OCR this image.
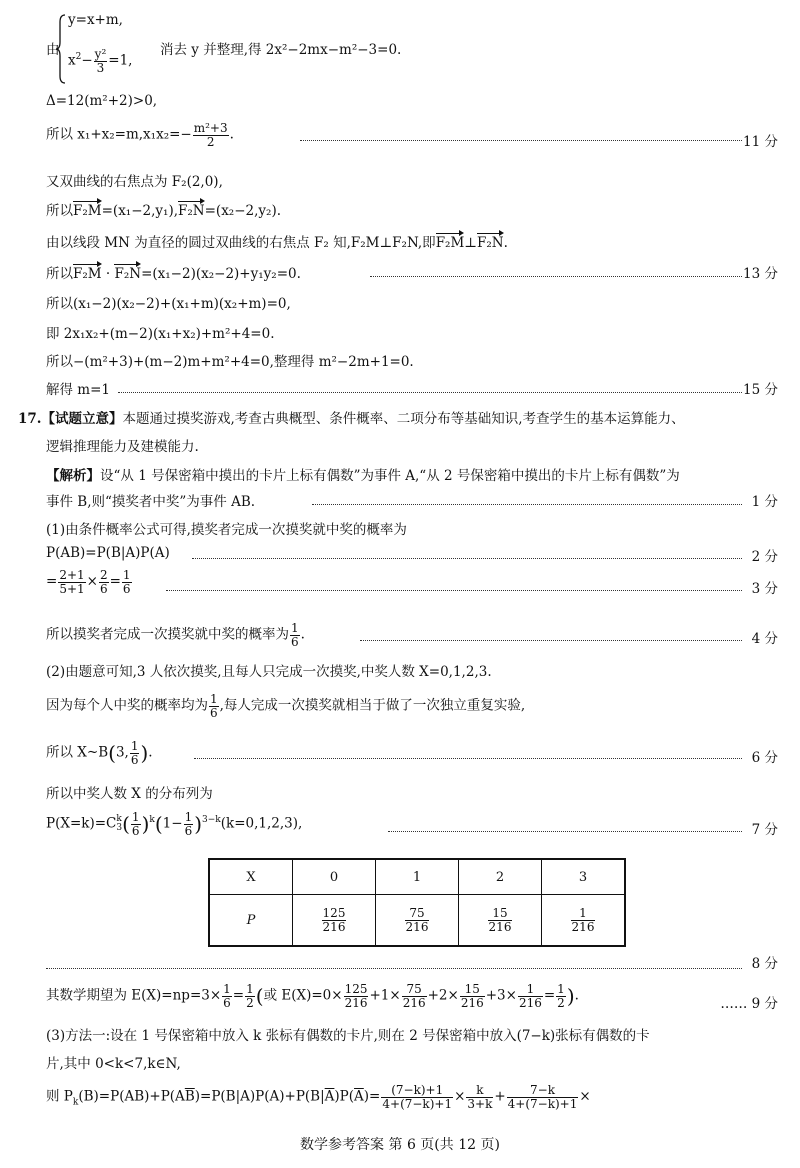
由
y=x+m,
$x^2- \frac{\text{y²}}{3} =1$,
消去 y 并整理,得 2x²−2mx−m²−3=0.
Δ=12(m²+2)>0,
所以 $x_1+x_2=m,x_1x_2=- \frac{\text{m²+3}}{2}$ .	11 分
又双曲线的右焦点为 F₂(2,0),
所以F₂M=(x₁−2,y₁),F₂N=(x₂−2,y₂).
由以线段 MN 为直径的圆过双曲线的右焦点 F₂ 知,F₂M⊥F₂N,即F₂M⊥F₂N.
所以F₂M · F₂N=(x₁−2)(x₂−2)+y₁y₂=0.	13 分
所以(x₁−2)(x₂−2)+(x₁+m)(x₂+m)=0,
即 2x₁x₂+(m−2)(x₁+x₂)+m²+4=0.
所以−(m²+3)+(m−2)m+m²+4=0,整理得 m²−2m+1=0.
解得 m=1	15 分
17.【试题立意】本题通过摸奖游戏,考查古典概型、条件概率、二项分布等基础知识,考查学生的基本运算能力、
逻辑推理能力及建模能力.
【解析】设“从 1 号保密箱中摸出的卡片上标有偶数”为事件 A,“从 2 号保密箱中摸出的卡片上标有偶数”为
事件 B,则“摸奖者中奖”为事件 AB.	1 分
(1)由条件概率公式可得,摸奖者完成一次摸奖就中奖的概率为
P(AB)=P(B|A)P(A)	2 分
= $\frac{2+1}{5+1} \times \frac{2}{6} = \frac{1}{6}$	3 分
所以摸奖者完成一次摸奖就中奖的概率为 $\frac{1}{6}$ .	4 分
(2)由题意可知,3 人依次摸奖,且每人只完成一次摸奖,中奖人数 X=0,1,2,3.
因为每个人中奖的概率均为 $\frac{1}{6}$ ,每人完成一次摸奖就相当于做了一次独立重复实验,
所以 X~B(3, $\frac{1}{6}$ ).	6 分
所以中奖人数 X 的分布列为
P(X=k)=C k
3 ( $\frac{1}{6} )^k(1- \frac{1}{6} )^{3-k}(k=0,1,2,3)$,	7 分
X	0	1	2	3
P	$\frac{125}{216}$	$\frac{75}{216}$	$\frac{15}{216}$	$\frac{1}{216}$
8 分
其数学期望为 $E(X)=np=3\times \frac{1}{6} = \frac{1}{2}$ (或 $E(X)=0\times \frac{125}{216} +1\times \frac{75}{216} +2\times \frac{15}{216} +3\times \frac{1}{216} = \frac{1}{2}$ ).
…… 9 分
(3)方法一:设在 1 号保密箱中放入 k 张标有偶数的卡片,则在 2 号保密箱中放入(7−k)张标有偶数的卡
片,其中 0<k<7,k∈N,
则 $P_k(B)=P(AB)+P(A\overline{B})=P(B|A)P(A)+P(B|\overline{A})P(\overline{A})= \frac{(7-k)+1}{4+(7-k)+1} \times \frac{k}{3+k} + \frac{7-k}{4+(7-k)+1}$ ×
数学参考答案 第 6 页(共 12 页)
